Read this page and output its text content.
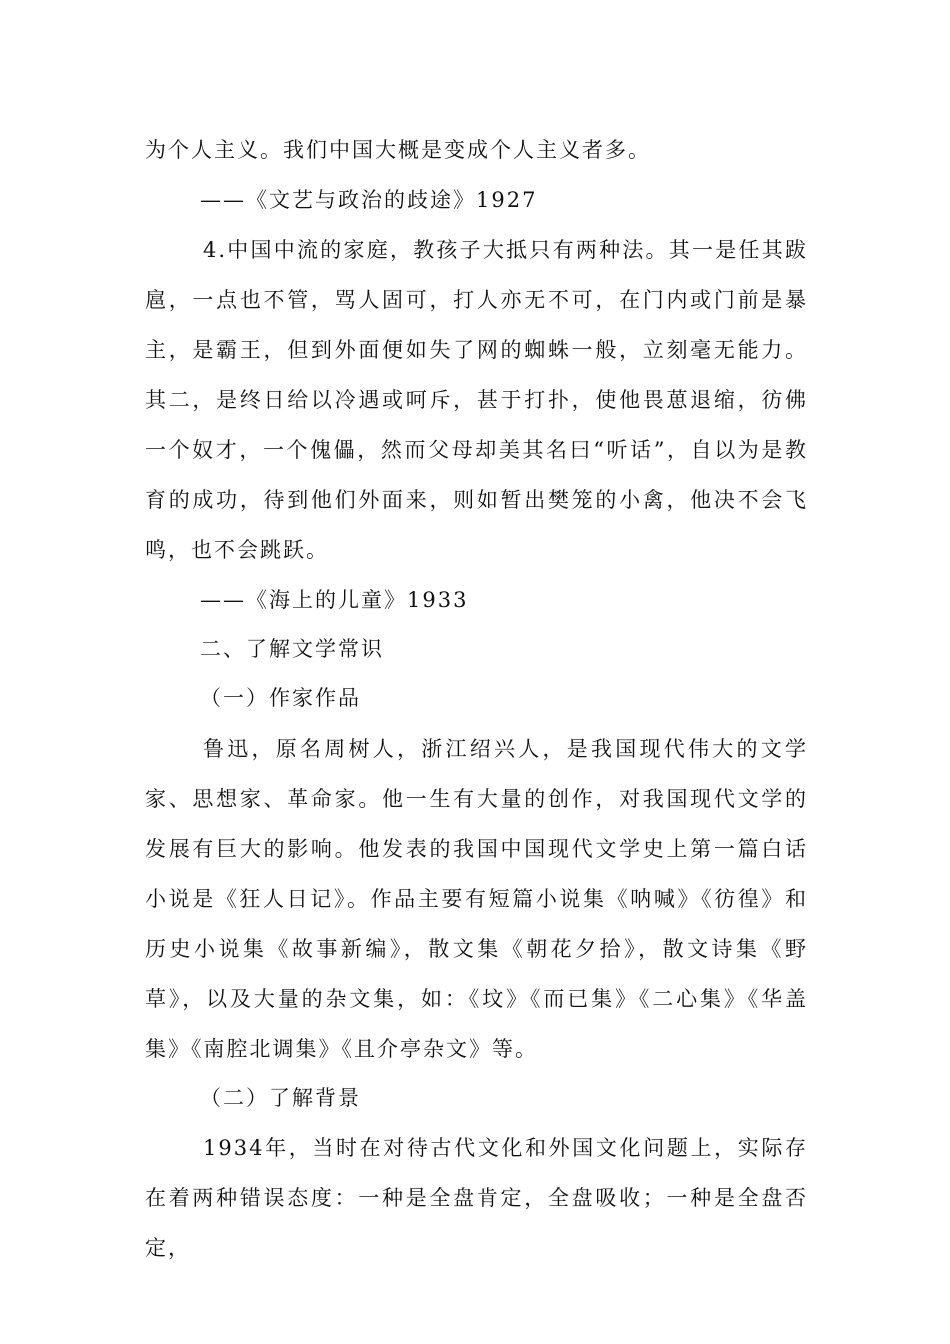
为个人主义。我们中国大概是变成个人主义者多。

——《文艺与政治的歧途》1927

4.中国中流的家庭，教孩子大抵只有两种法。其一是任其跋扈，一点也不管，骂人固可，打人亦无不可，在门内或门前是暴主，是霸王，但到外面便如失了网的蜘蛛一般，立刻毫无能力。其二，是终日给以冷遇或呵斥，甚于打扑，使他畏葸退缩，彷佛一个奴才，一个傀儡，然而父母却美其名曰“听话”，自以为是教育的成功，待到他们外面来，则如暂出樊笼的小禽，他决不会飞鸣，也不会跳跃。

——《海上的儿童》1933

二、了解文学常识

（一）作家作品

鲁迅，原名周树人，浙江绍兴人，是我国现代伟大的文学家、思想家、革命家。他一生有大量的创作，对我国现代文学的发展有巨大的影响。他发表的我国中国现代文学史上第一篇白话小说是《狂人日记》。作品主要有短篇小说集《呐喊》《彷徨》和历史小说集《故事新编》，散文集《朝花夕拾》，散文诗集《野草》，以及大量的杂文集，如：《坟》《而已集》《二心集》《华盖集》《南腔北调集》《且介亭杂文》等。

（二）了解背景

1934年，当时在对待古代文化和外国文化问题上，实际存在着两种错误态度：一种是全盘肯定，全盘吸收；一种是全盘否定，
